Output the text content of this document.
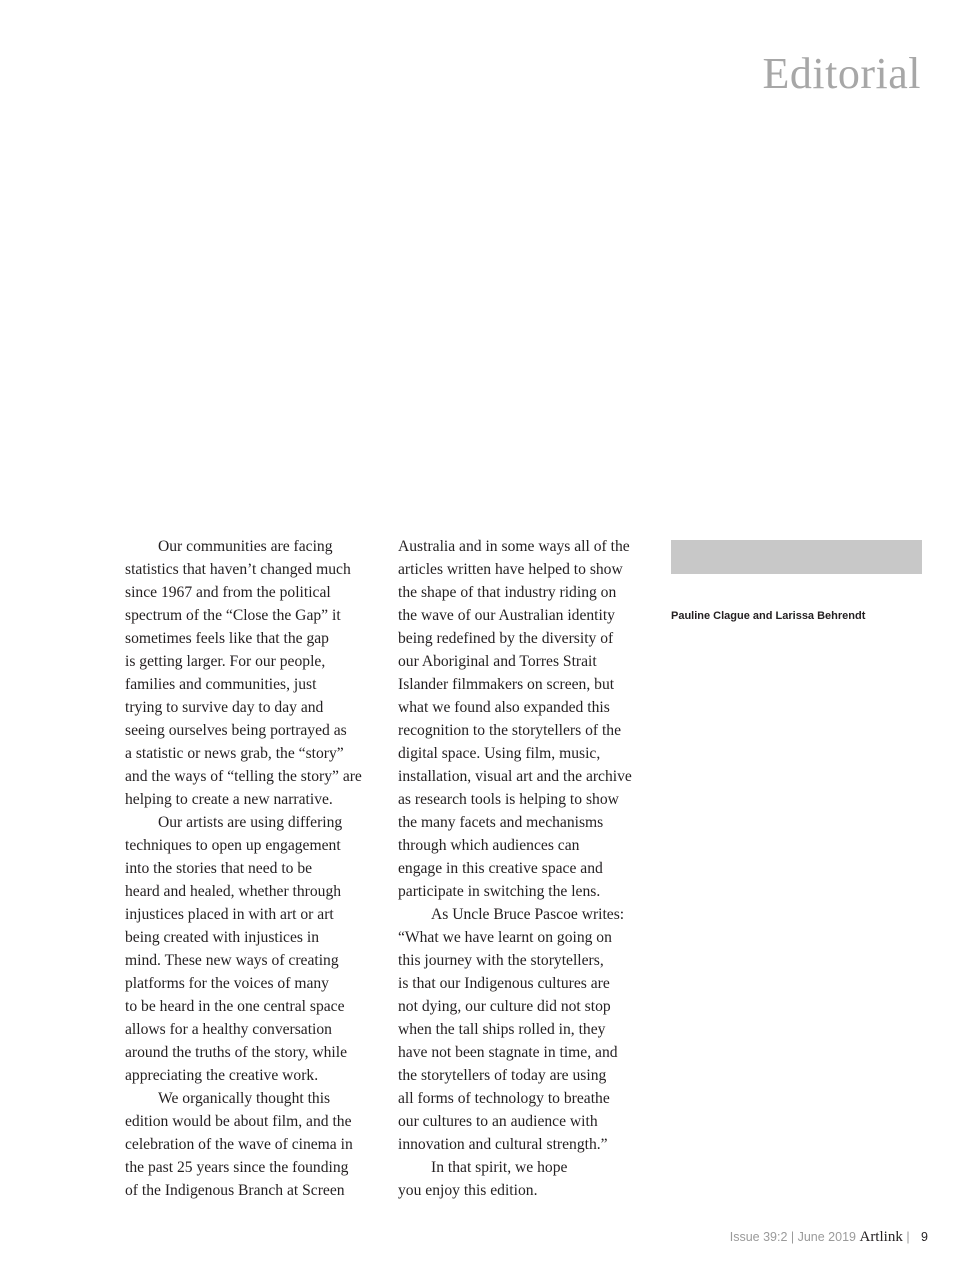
Editorial

Our communities are facing
statistics that haven’t changed much
since 1967 and from the political
spectrum of the “Close the Gap” it
sometimes feels like that the gap
is getting larger. For our people,
families and communities, just
trying to survive day to day and
seeing ourselves being portrayed as
a statistic or news grab, the “story”
and the ways of “telling the story” are
helping to create a new narrative.

Our artists are using differing
techniques to open up engagement
into the stories that need to be
heard and healed, whether through
injustices placed in with art or art
being created with injustices in
mind. These new ways of creating
platforms for the voices of many
to be heard in the one central space
allows for a healthy conversation
around the truths of the story, while
appreciating the creative work.

We organically thought this
edition would be about film, and the
celebration of the wave of cinema in
the past 25 years since the founding
of the Indigenous Branch at Screen

Australia and in some ways all of the
articles written have helped to show
the shape of that industry riding on
the wave of our Australian identity
being redefined by the diversity of
our Aboriginal and Torres Strait
Islander filmmakers on screen, but
what we found also expanded this
recognition to the storytellers of the
digital space. Using film, music,
installation, visual art and the archive
as research tools is helping to show
the many facets and mechanisms
through which audiences can
engage in this creative space and
participate in switching the lens.

As Uncle Bruce Pascoe writes:
“What we have learnt on going on
this journey with the storytellers,
is that our Indigenous cultures are
not dying, our culture did not stop
when the tall ships rolled in, they
have not been stagnate in time, and
the storytellers of today are using
all forms of technology to breathe
our cultures to an audience with
innovation and cultural strength.”

In that spirit, we hope
you enjoy this edition.

Pauline Clague and Larissa Behrendt
Issue 39:2 | June 2019 Artlink | 9
